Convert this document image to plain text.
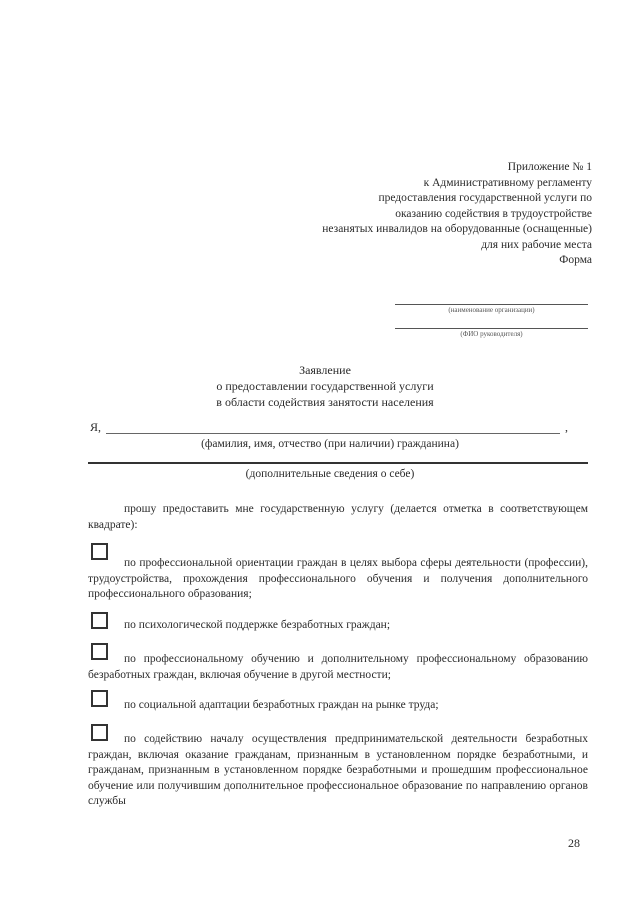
Приложение № 1
к Административному регламенту
предоставления государственной услуги по
оказанию содействия в трудоустройстве
незанятых инвалидов на оборудованные (оснащенные)
для них рабочие места
Форма
(наименование организации)
(ФИО руководителя)
Заявление
о предоставлении государственной услуги
в области содействия занятости населения
Я,	,
(фамилия, имя, отчество (при наличии) гражданина)
(дополнительные сведения о себе)
прошу предоставить мне государственную услугу (делается отметка в соответствующем квадрате):
по профессиональной ориентации граждан в целях выбора сферы деятельности (профессии), трудоустройства, прохождения профессионального обучения и получения дополнительного профессионального образования;
по психологической поддержке безработных граждан;
по профессиональному обучению и дополнительному профессиональному образованию безработных граждан, включая обучение в другой местности;
по социальной адаптации безработных граждан на рынке труда;
по содействию началу осуществления предпринимательской деятельности безработных граждан, включая оказание гражданам, признанным в установленном порядке безработными, и гражданам, признанным в установленном порядке безработными и прошедшим профессиональное обучение или получившим дополнительное профессиональное образование по направлению органов службы
28
